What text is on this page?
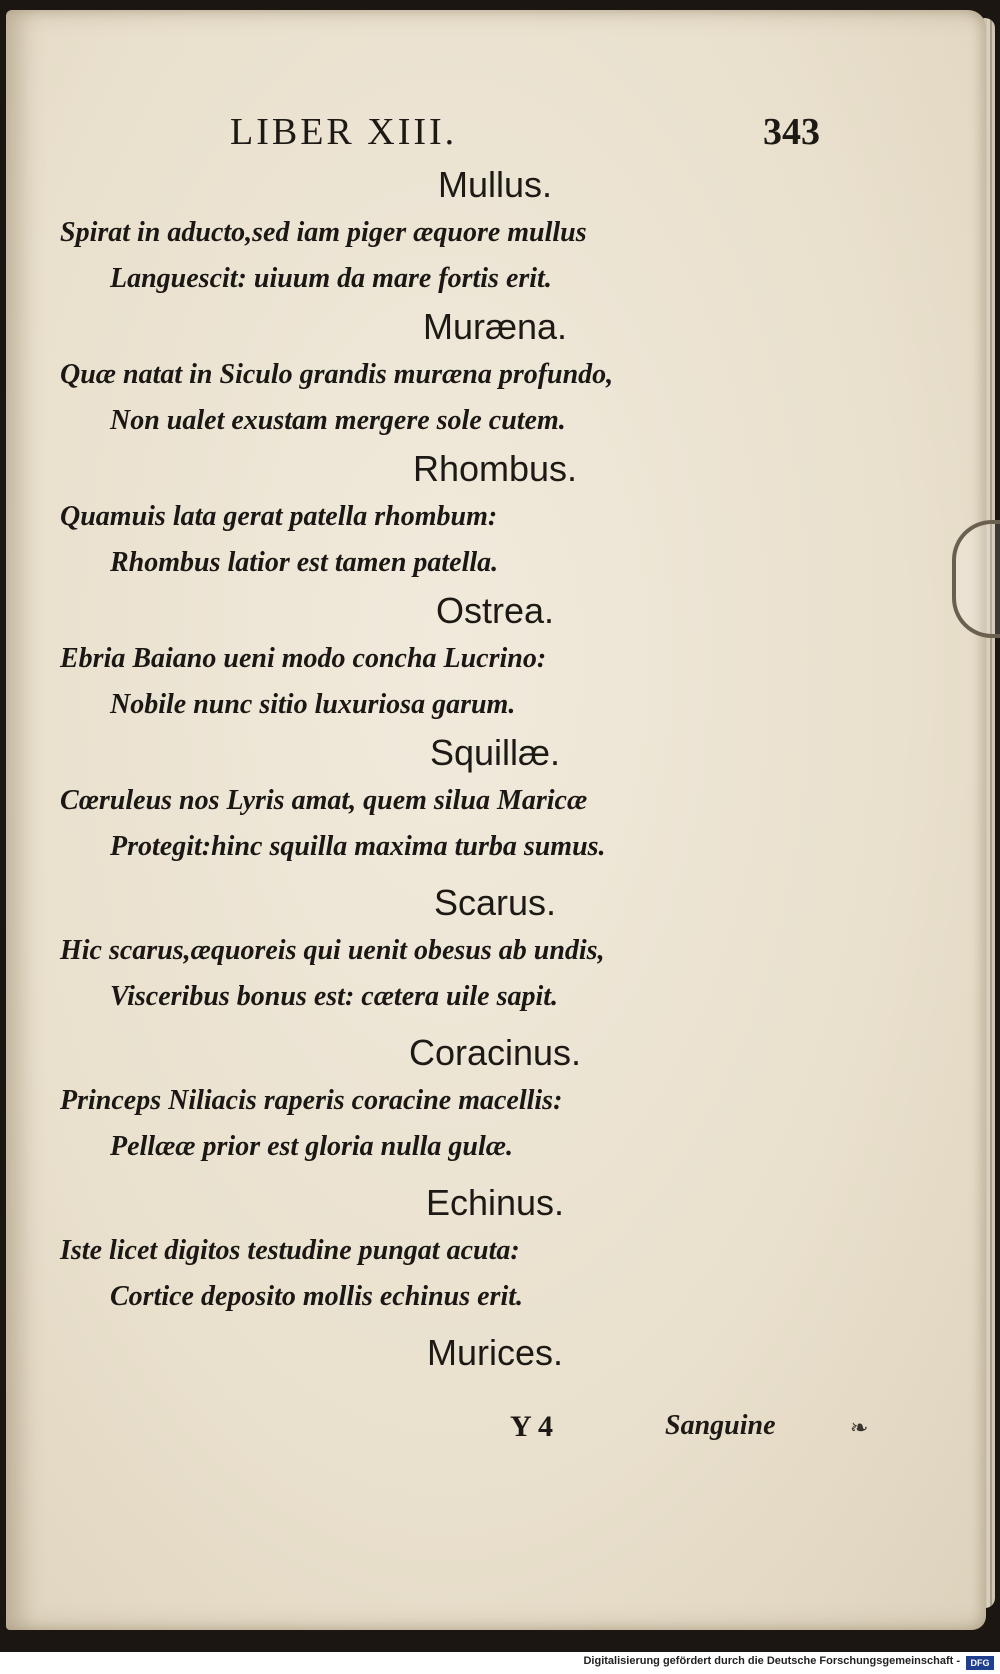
LIBER XIII.	343
Mullus.
Spirat in aducto,sed iam piger æquore mullus
Languescit: uiuum da mare fortis erit.
Muræna.
Quæ natat in Siculo grandis muræna profundo,
Non ualet exustam mergere sole cutem.
Rhombus.
Quamuis lata gerat patella rhombum:
Rhombus latior est tamen patella.
Ostrea.
Ebria Baiano ueni modo concha Lucrino:
Nobile nunc sitio luxuriosa garum.
Squillæ.
Cœruleus nos Lyris amat, quem silua Maricæ
Protegit:hinc squilla maxima turba sumus.
Scarus.
Hic scarus,æquoreis qui uenit obesus ab undis,
Visceribus bonus est: cætera uile sapit.
Coracinus.
Princeps Niliacis raperis coracine macellis:
Pellææ prior est gloria nulla gulæ.
Echinus.
Iste licet digitos testudine pungat acuta:
Cortice deposito mollis echinus erit.
Murices.
Y 4	Sanguine	❧
Digitalisierung gefördert durch die Deutsche Forschungsgemeinschaft -	DFG
